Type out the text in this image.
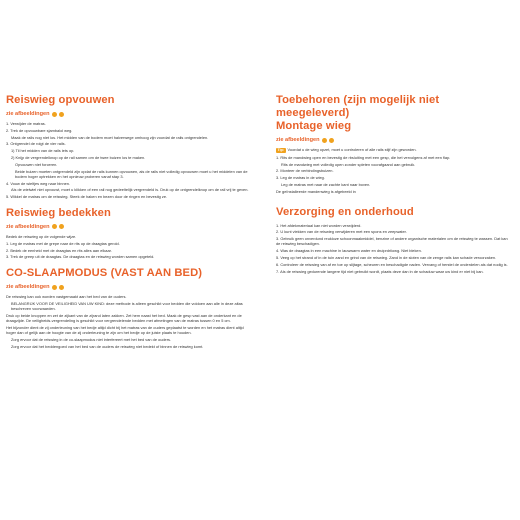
Reiswieg opvouwen
zie afbeeldingen

1. Verwijder de matras.

2. Trek de opvouwbare sjambalol weg.

Maak de rails nog niet los. Het midden van de bodem moet halverwege omhoog zijn voordat de rails ontgrendelen.

3. Ontgrendel de rolgt de vier rails.

1) Til het midden van de rails iets op.

2) Knijp de vergrendelknop op de rail samen om de twee buizen los te maken.

Opvouwen niet forceren.

Beide buizen moeten ontgrendeld zijn opdat de rails kunnen opvouwen, als de rails niet volledig opvouwen moet u het middelen van de bodem hoger optrekken en het opnieuw proberen vanaf stap 3.

4. Vouw de wieltjes weg naar binnen.

Als de wielwiel niet opvouwt, moet u klikken of een rail nog gedeeltelijk vergrendeld is. Druk op de ontgrendelknop om de rail vrij te geven.

5. Wikkel de matras om de reiswieg. Steek de haken en bezen door de ringen en bevestig ze.

Reiswieg bedekken
zie afbeeldingen

Bedek de reiswieg op de volgende wijze.

1. Leg de matras met de grepe naar de rits op de draagtas gerold.

2. Bedek de eenheid met de draagtas en rits alles aan elkaar.

3. Trek de greep uit de draagtas. De draagtas en de reiswieg worden samen opgeteld.

CO-SLAAPMODUS (VAST AAN BED)
zie afbeeldingen

De reiswieg kan ook worden vastgemaakt aan het bed van de ouders.

BELANGRIJK VOOR DE VEILIGHEID VAN UW KIND: deze methode is alleen geschikt voor bedden die voldoen aan alle in deze altas beschreven voorwaarden.

Druk op beide knoppen en zet de zijkant van de zijrand laten zakken. Zet hem naast het bed. Maak de gesp vast aan de onderkant en de draagzijde. De veiligheids-vergrendeling is geschikt voor vergrendelende bedden met afmetingen van de matras tussen 0 en 5 cm.

Het bijzonder dient de zij onderleuning van het bedje altijd dicht bij het matras van de ouders geplaatst te worden en het matras dient altijd hoger dan of gelijk aan de hoogte van de zij onderleuning te zijn om het bedje op de juiste plaats te houden.

Zorg ervoor dat de reiswieg in de co-slaapmodus niet interfereert met het bed van de ouders.

Zorg ervoor dat het beddengoed van het bed van de ouders de reiswieg niet bedekt of binnen de reiswieg komt.

Toebehoren (zijn mogelijk niet meegeleverd)
Montage wieg
zie afbeeldingen

Tip: Voordat u de wieg opzet, moet u controleren of alle rails stijf zijn geworden.

1. Rits de mandwieg open en bevestig de rbsluiting met een gesp, die het vervolgens af met een flap.

Rits de mandwieg met volledig open zonder spleten voorafgaand aan gebruik.

2. Monteer de verbindingsbuizen.

3. Leg de matras in de wieg.

Leg de matras met naar de zachte kant naar boven.

De geïnstalleerde mandenwieg is afgebeeld in

Verzorging en onderhoud

1. Het afdekmateriaal kan niet worden verwijderd.

2. U kunt vlekken van de reiswieg verwijderen met een spons en zeepwater.

3. Gebruik geen onverdund reukloze schoonmaakmiddel, benzine of andere organische materialen om de reiswieg te wassen. Dat kan de reiswieg beschadigen.

4. Was de draagtas in een machine in lauwwarm water en druiprdriiowg. Niet bleken.

5. Veeg op het strand of in de tuin zand en grind van de reiswieg. Zand in de sloten van de zenge rails kan schade veroorzaken.

6. Controleer de reiswieg van af en toe op slijtage, scheuren en beschadigde naden. Vervang of herstel de onderdelen als dat nodig is.

7. Als de reiswieg gedurende langere tijd niet gebruikt wordt, plaats deze dan in de schaduw waar uw kind er niet bij kan.
